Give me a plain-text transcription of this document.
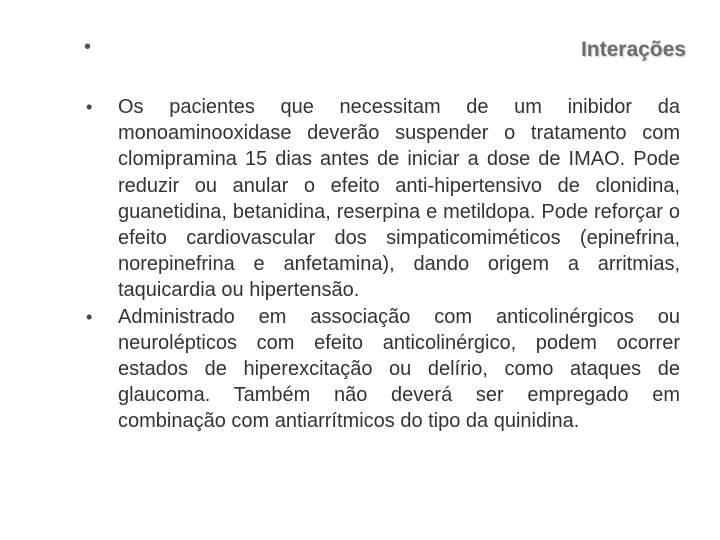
•	Interações
• Os pacientes que necessitam de um inibidor da monoaminooxidase deverão suspender o tratamento com clomipramina 15 dias antes de iniciar a dose de IMAO. Pode reduzir ou anular o efeito anti-hipertensivo de clonidina, guanetidina, betanidina, reserpina e metildopa. Pode reforçar o efeito cardiovascular dos simpaticomiméticos (epinefrina, norepinefrina e anfetamina), dando origem a arritmias, taquicardia ou hipertensão.
• Administrado em associação com anticolinérgicos ou neurolépticos com efeito anticolinérgico, podem ocorrer estados de hiperexcitação ou delírio, como ataques de glaucoma. Também não deverá ser empregado em combinação com antiarrítmicos do tipo da quinidina.
